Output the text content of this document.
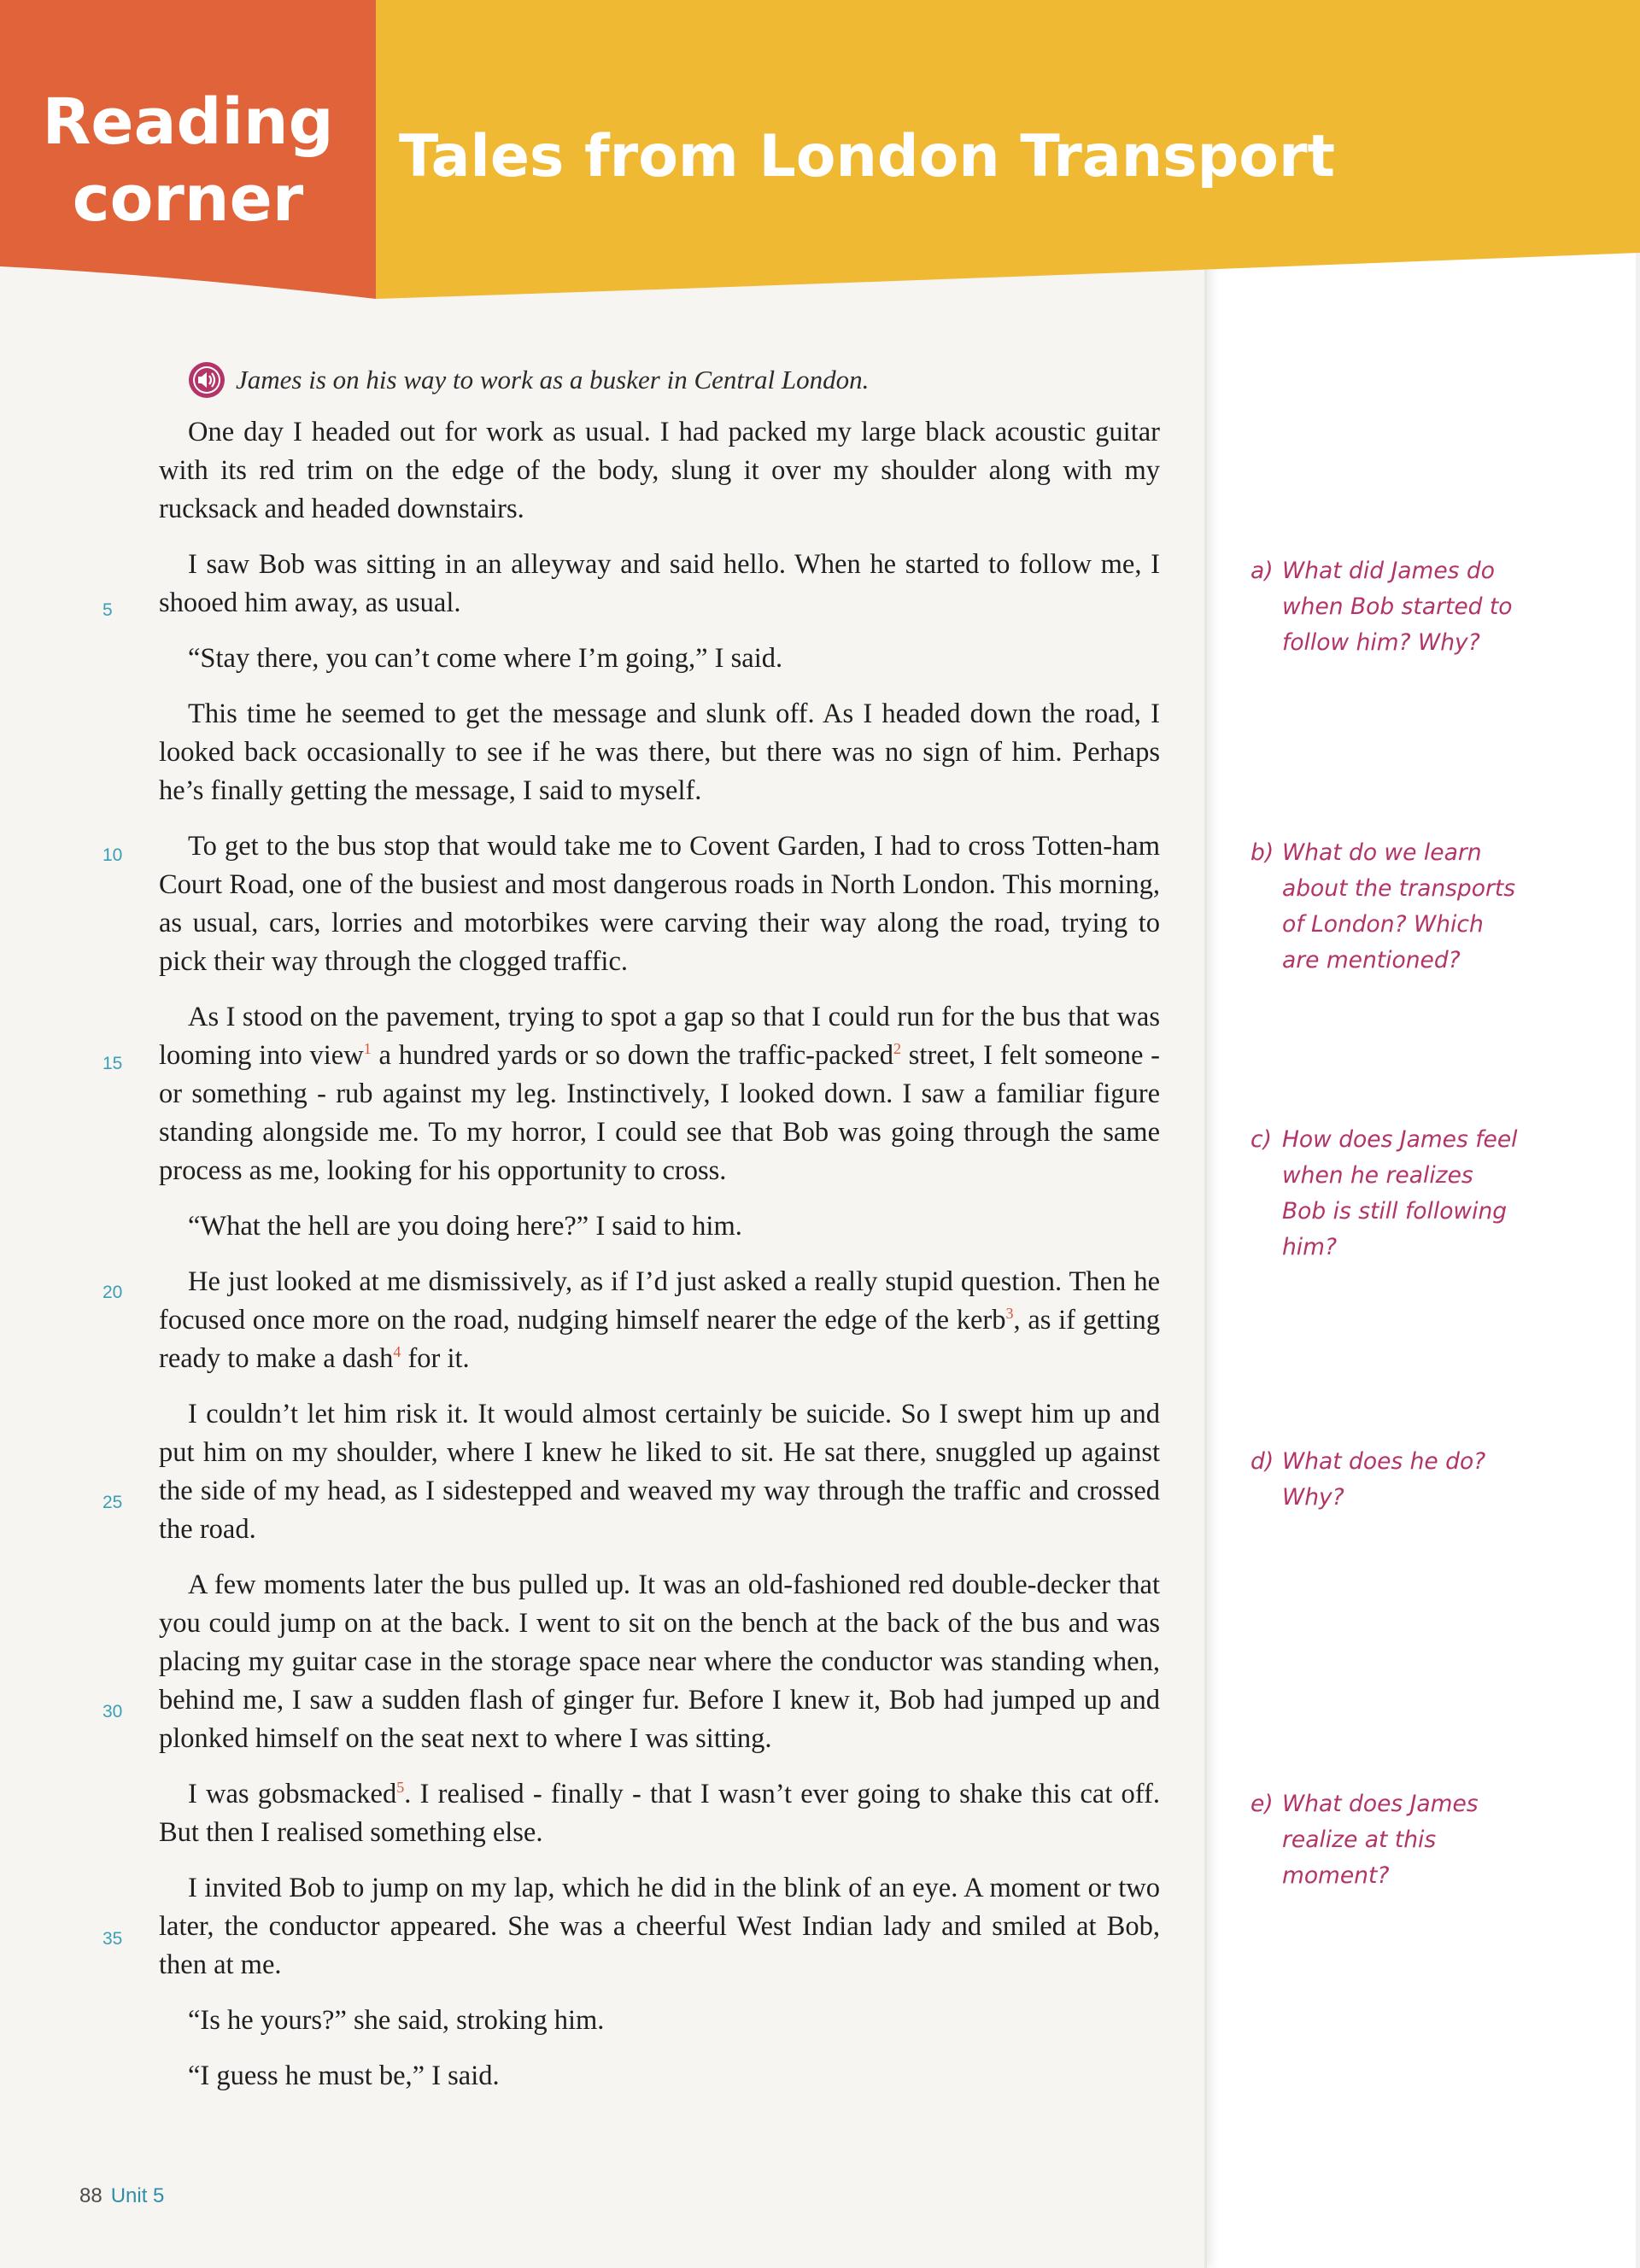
Reading
corner
Tales from London Transport
James is on his way to work as a busker in Central London.

One day I headed out for work as usual. I had packed my large black acoustic guitar with its red trim on the edge of the body, slung it over my shoulder along with my rucksack and headed downstairs.

I saw Bob was sitting in an alleyway and said hello. When he started to follow me, I shooed him away, as usual.

“Stay there, you can’t come where I’m going,” I said.

This time he seemed to get the message and slunk off. As I headed down the road, I looked back occasionally to see if he was there, but there was no sign of him. Perhaps he’s finally getting the message, I said to myself.

To get to the bus stop that would take me to Covent Garden, I had to cross Totten-ham Court Road, one of the busiest and most dangerous roads in North London. This morning, as usual, cars, lorries and motorbikes were carving their way along the road, trying to pick their way through the clogged traffic.

As I stood on the pavement, trying to spot a gap so that I could run for the bus that was looming into view$^1$ a hundred yards or so down the traffic-packed$^2$ street, I felt someone - or something - rub against my leg. Instinctively, I looked down. I saw a familiar figure standing alongside me. To my horror, I could see that Bob was going through the same process as me, looking for his opportunity to cross.

“What the hell are you doing here?” I said to him.

He just looked at me dismissively, as if I’d just asked a really stupid question. Then he focused once more on the road, nudging himself nearer the edge of the kerb$^3$, as if getting ready to make a dash$^4$ for it.

I couldn’t let him risk it. It would almost certainly be suicide. So I swept him up and put him on my shoulder, where I knew he liked to sit. He sat there, snuggled up against the side of my head, as I sidestepped and weaved my way through the traffic and crossed the road.

A few moments later the bus pulled up. It was an old-fashioned red double-decker that you could jump on at the back. I went to sit on the bench at the back of the bus and was placing my guitar case in the storage space near where the conductor was standing when, behind me, I saw a sudden flash of ginger fur. Before I knew it, Bob had jumped up and plonked himself on the seat next to where I was sitting.

I was gobsmacked$^5$. I realised - finally - that I wasn’t ever going to shake this cat off. But then I realised something else.

I invited Bob to jump on my lap, which he did in the blink of an eye. A moment or two later, the conductor appeared. She was a cheerful West Indian lady and smiled at Bob, then at me.

“Is he yours?” she said, stroking him.

“I guess he must be,” I said.

5
10
15
20
25
30
35
a) What did James do when Bob started to follow him? Why?
b) What do we learn about the transports of London? Which are mentioned?
c) How does James feel when he realizes Bob is still following him?
d) What does he do? Why?
e) What does James realize at this moment?
88 Unit 5
